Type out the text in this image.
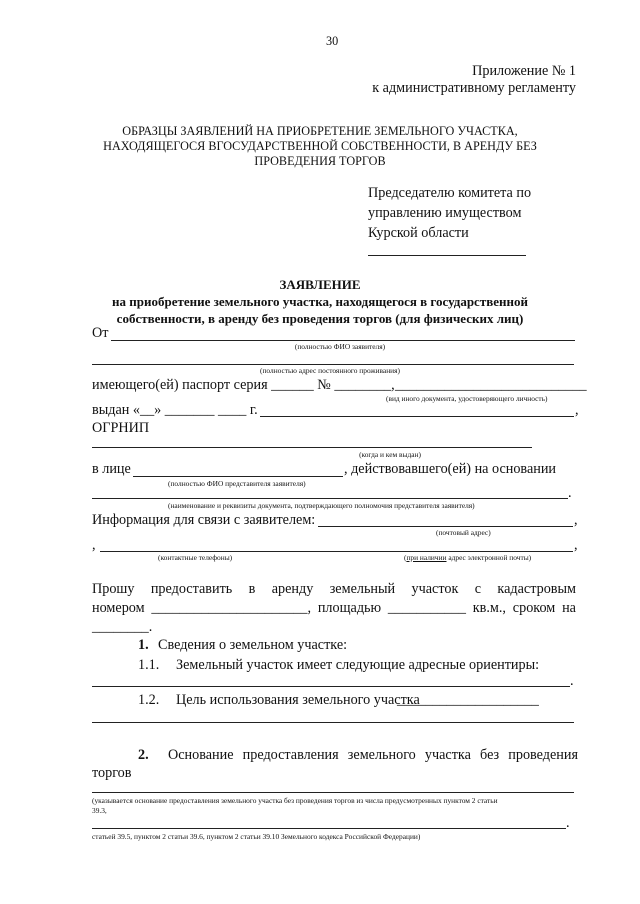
30
Приложение № 1
к административному регламенту
ОБРАЗЦЫ ЗАЯВЛЕНИЙ НА ПРИОБРЕТЕНИЕ ЗЕМЕЛЬНОГО УЧАСТКА,
НАХОДЯЩЕГОСЯ ВГОСУДАРСТВЕННОЙ СОБСТВЕННОСТИ, В АРЕНДУ БЕЗ
ПРОВЕДЕНИЯ ТОРГОВ
Председателю комитета по
управлению имуществом
Курской области
ЗАЯВЛЕНИЕ
на приобретение земельного участка, находящегося в государственной
собственности, в аренду без проведения торгов (для физических лиц)
От
(полностью ФИО заявителя)
(полностью адрес постоянного проживания)
имеющего(ей) паспорт серия ______ № ________, ___________________________
(вид иного документа, удостоверяющего личность)
выдан «__» _______ ____ г.	,
ОГРНИП
(когда и кем выдан)
в лице	, действовавшего(ей) на основании
(полностью ФИО представителя заявителя)
.
(наименование и реквизиты документа, подтверждающего полномочия представителя заявителя)
Информация для связи с заявителем:	,
(почтовый адрес)
,	,
(контактные телефоны)	(при наличии адрес электронной почты)
Прошу предоставить в аренду земельный участок с кадастровым
номером ______________________, площадью ___________ кв.м., сроком на
________.
1. Сведения о земельном участке:
1.1. Земельный участок имеет следующие адресные ориентиры:
.
1.2. Цель использования земельного участка
____________________
2. Основание предоставления земельного участка без проведения
торгов
(указывается основание предоставления земельного участка без проведения торгов из числа предусмотренных пунктом 2 статьи
39.3,
.
статьей 39.5, пунктом 2 статьи 39.6, пунктом 2 статьи 39.10 Земельного кодекса Российской Федерации)
